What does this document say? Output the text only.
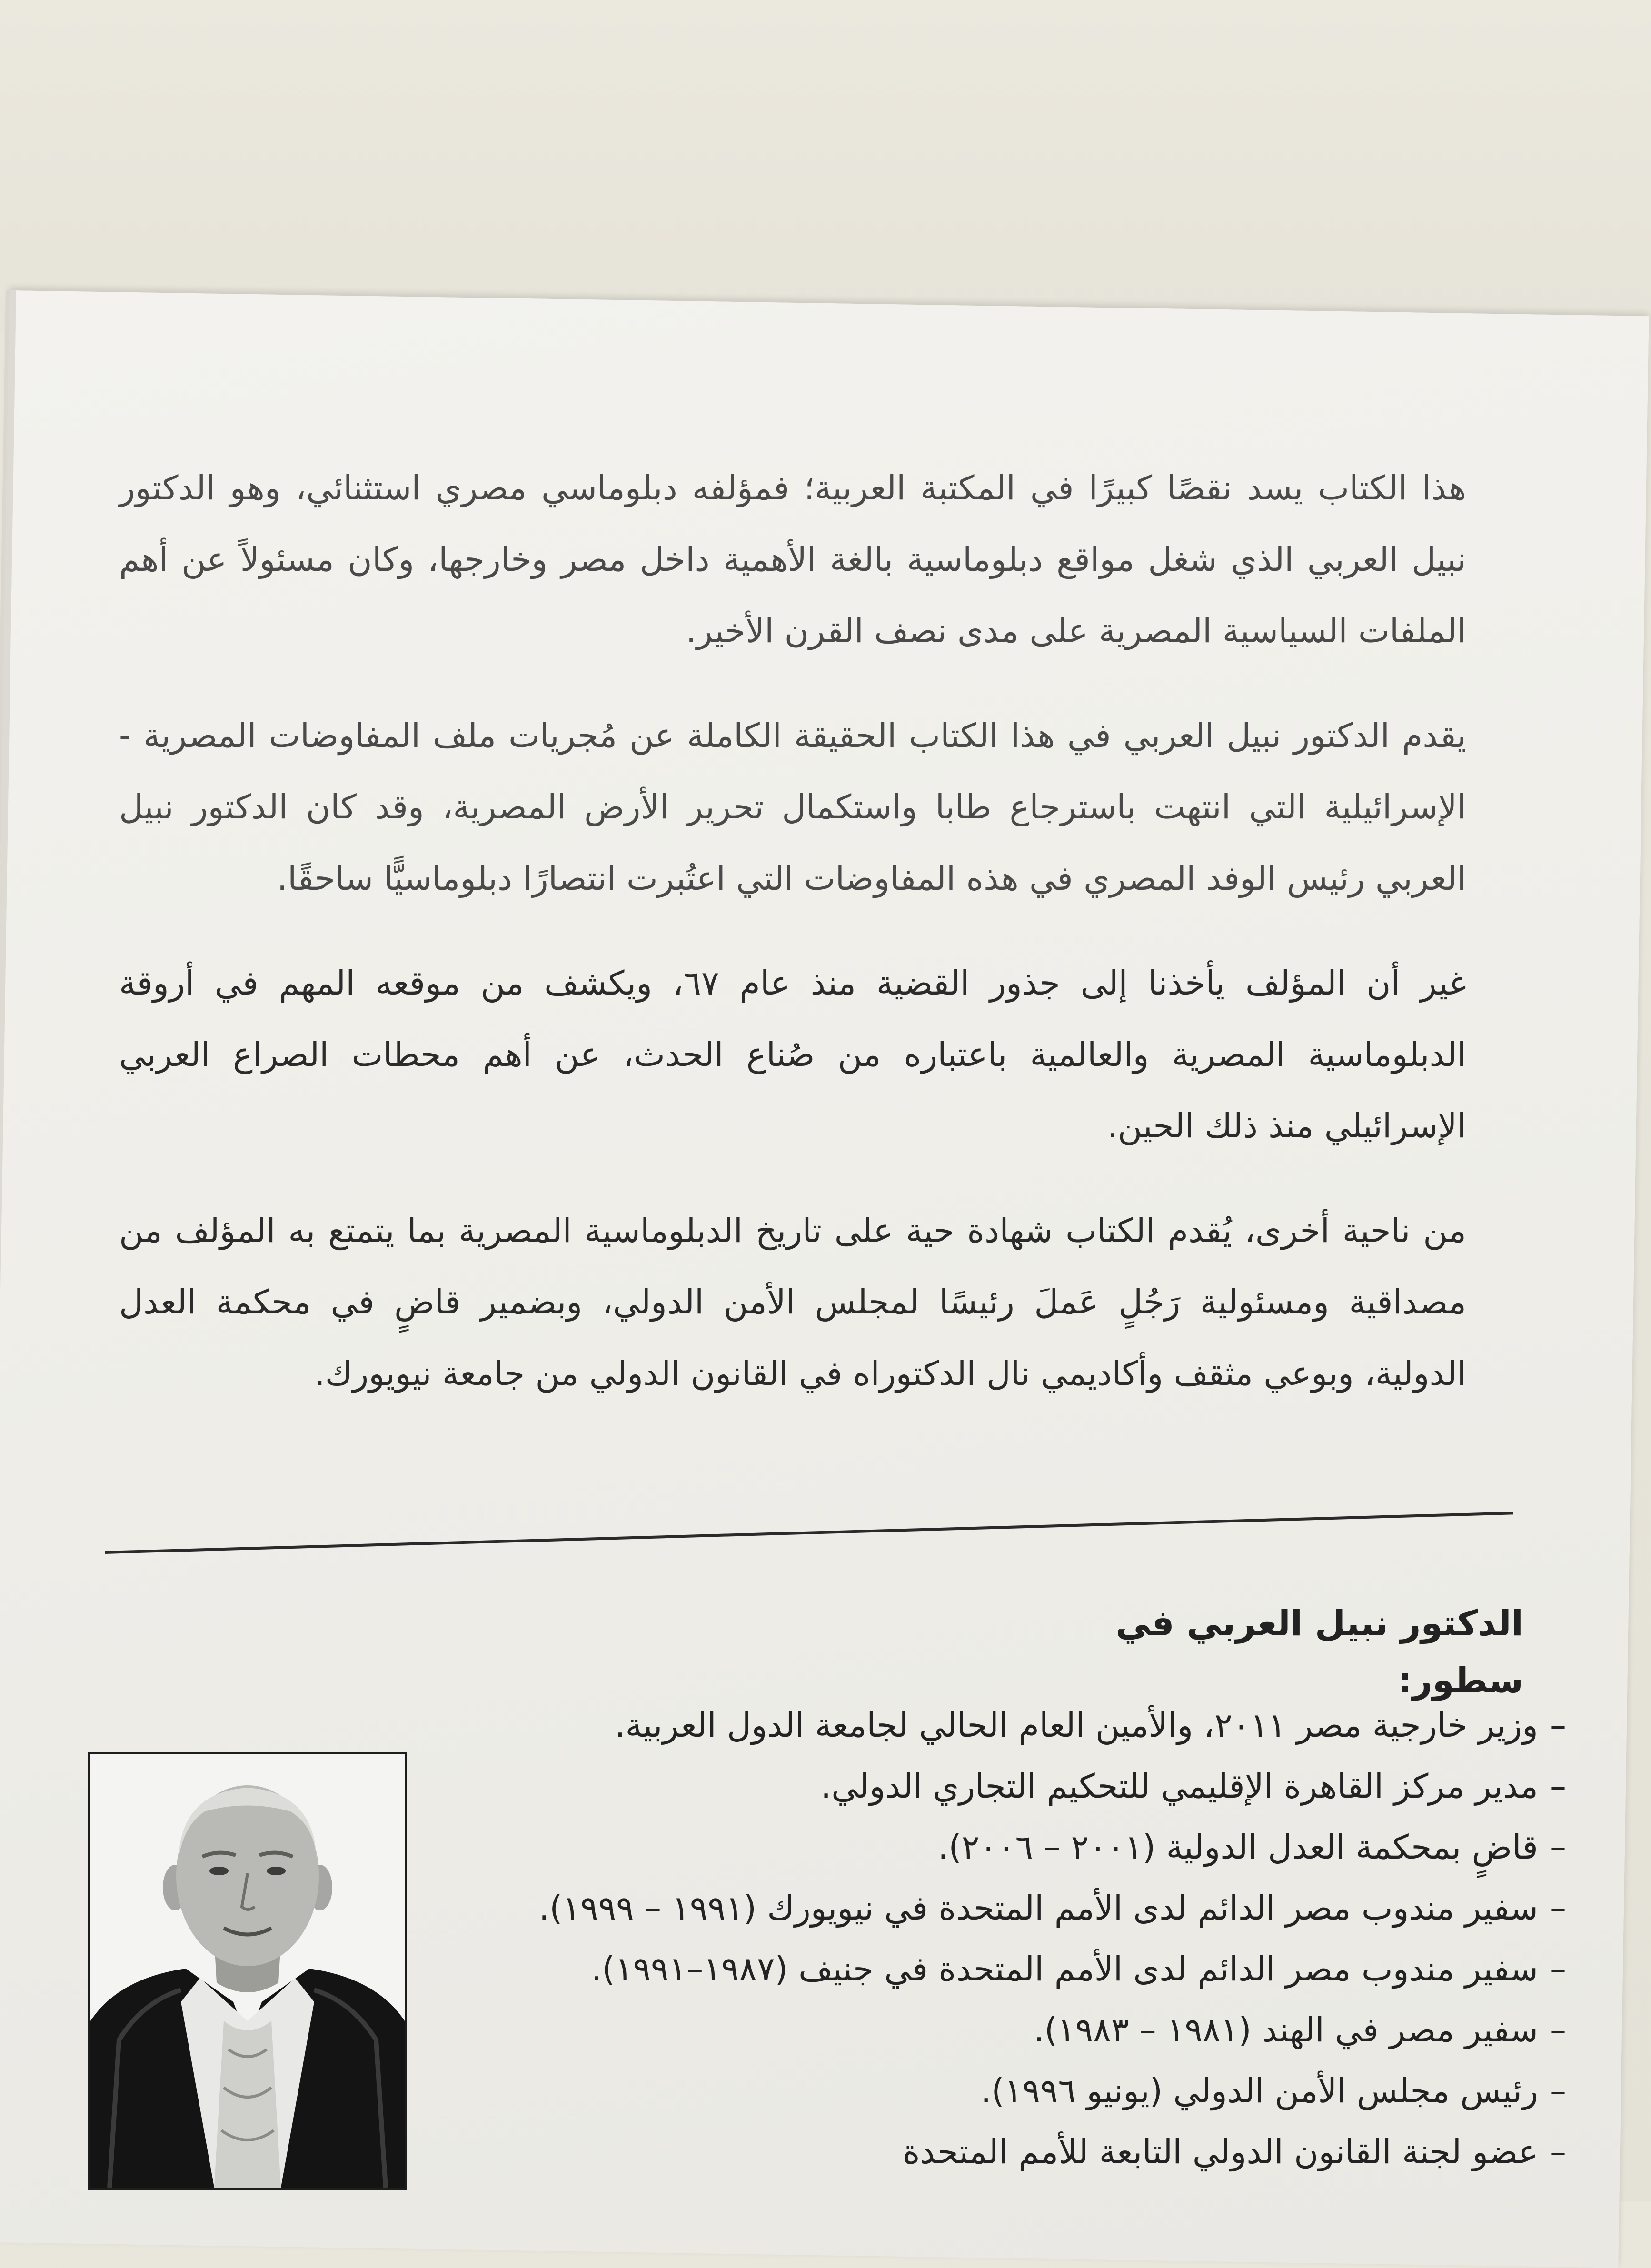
هذا الكتاب يسد نقصًا كبيرًا في المكتبة العربية؛ فمؤلفه دبلوماسي مصري استثنائي، وهو الدكتور نبيل العربي الذي شغل مواقع دبلوماسية بالغة الأهمية داخل مصر وخارجها، وكان مسئولاً عن أهم الملفات السياسية المصرية على مدى نصف القرن الأخير.

يقدم الدكتور نبيل العربي في هذا الكتاب الحقيقة الكاملة عن مُجريات ملف المفاوضات المصرية - الإسرائيلية التي انتهت باسترجاع طابا واستكمال تحرير الأرض المصرية، وقد كان الدكتور نبيل العربي رئيس الوفد المصري في هذه المفاوضات التي اعتُبرت انتصارًا دبلوماسيًّا ساحقًا.

غير أن المؤلف يأخذنا إلى جذور القضية منذ عام ٦٧، ويكشف من موقعه المهم في أروقة الدبلوماسية المصرية والعالمية باعتباره من صُناع الحدث، عن أهم محطات الصراع العربي الإسرائيلي منذ ذلك الحين.

من ناحية أخرى، يُقدم الكتاب شهادة حية على تاريخ الدبلوماسية المصرية بما يتمتع به المؤلف من مصداقية ومسئولية رَجُلٍ عَملَ رئيسًا لمجلس الأمن الدولي، وبضمير قاضٍ في محكمة العدل الدولية، وبوعي مثقف وأكاديمي نال الدكتوراه في القانون الدولي من جامعة نيويورك.

الدكتور نبيل العربي في سطور:
–وزير خارجية مصر ٢٠١١، والأمين العام الحالي لجامعة الدول العربية.
–مدير مركز القاهرة الإقليمي للتحكيم التجاري الدولي.
–قاضٍ بمحكمة العدل الدولية (٢٠٠١ – ٢٠٠٦).
–سفير مندوب مصر الدائم لدى الأمم المتحدة في نيويورك (١٩٩١ – ١٩٩٩).
–سفير مندوب مصر الدائم لدى الأمم المتحدة في جنيف (١٩٨٧–١٩٩١).
–سفير مصر في الهند (١٩٨١ – ١٩٨٣).
–رئيس مجلس الأمن الدولي (يونيو ١٩٩٦).
–عضو لجنة القانون الدولي التابعة للأمم المتحدة
